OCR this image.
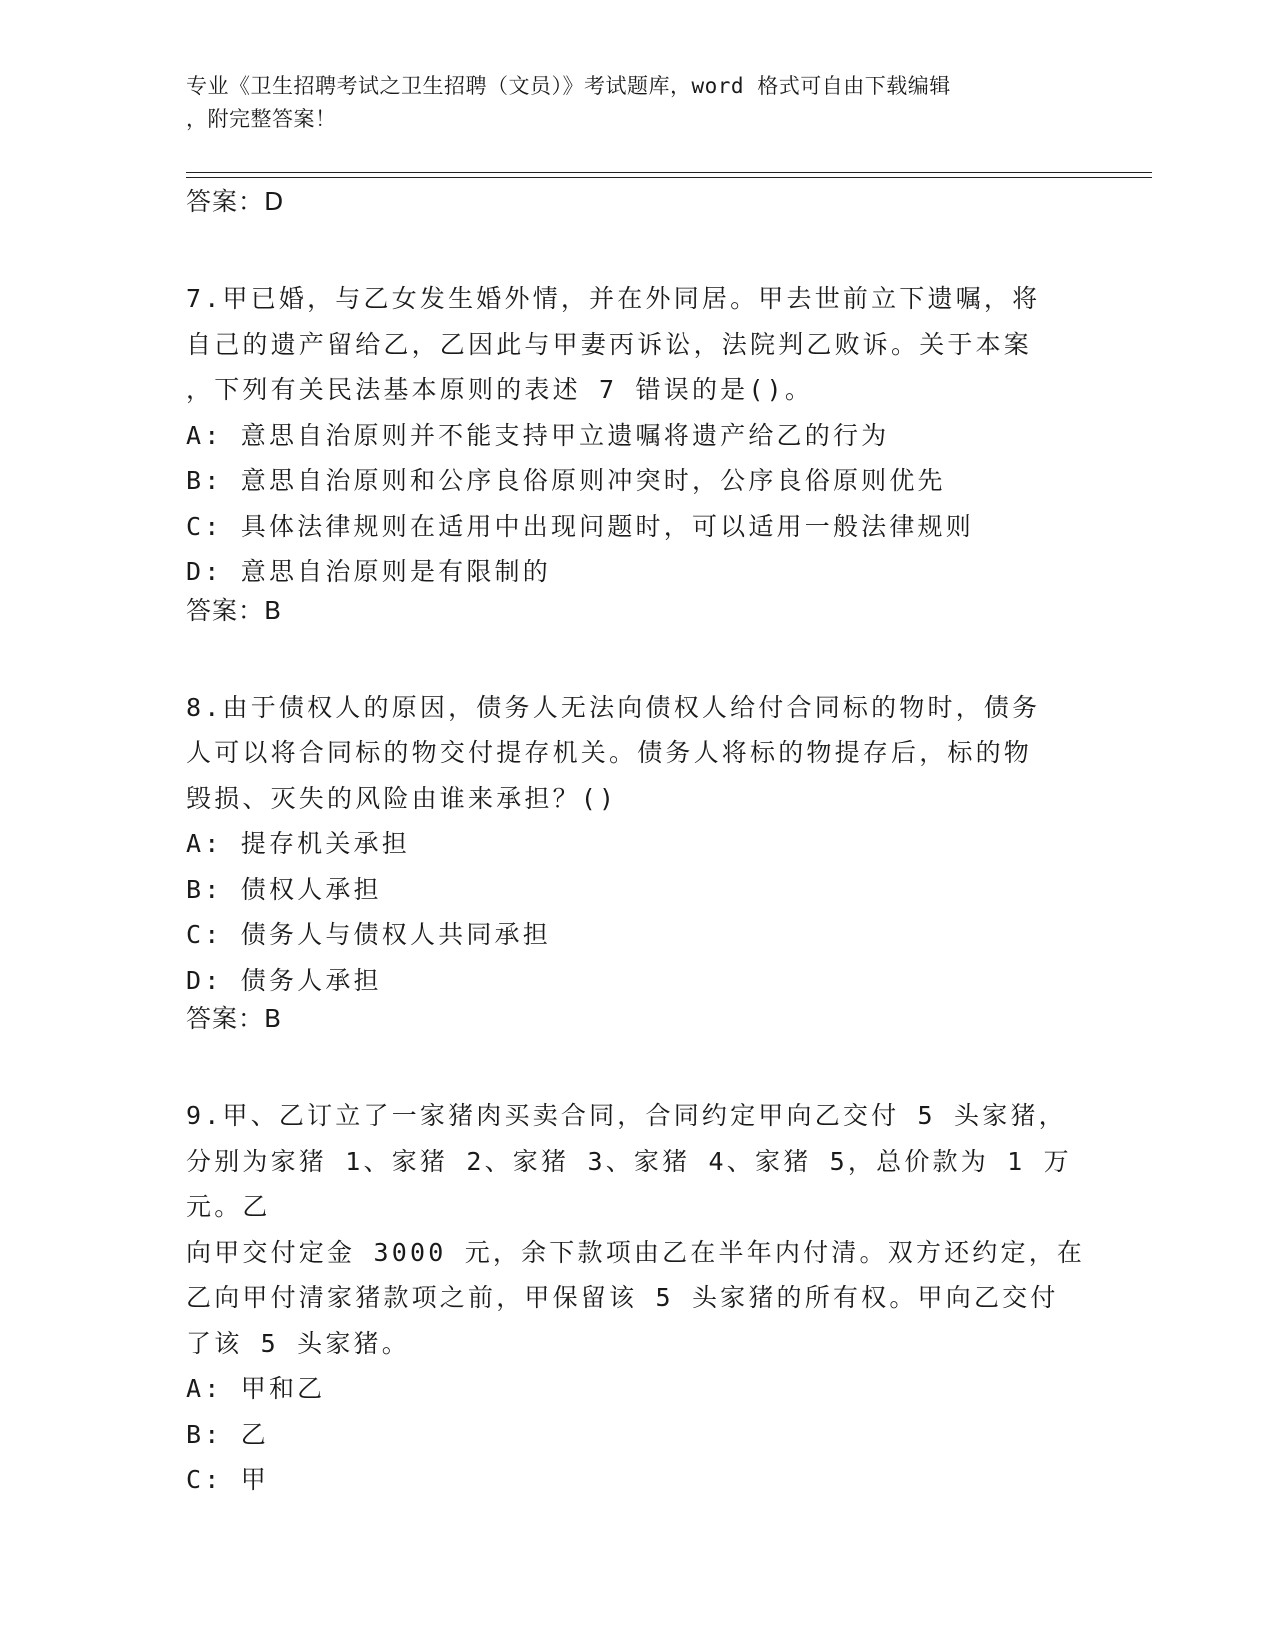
专业《卫生招聘考试之卫生招聘（文员）》考试题库，word 格式可自由下载编辑
，附完整答案！
答案：D
7.甲已婚，与乙女发生婚外情，并在外同居。甲去世前立下遗嘱，将
自己的遗产留给乙，乙因此与甲妻丙诉讼，法院判乙败诉。关于本案
，下列有关民法基本原则的表述 7 错误的是()。
A: 意思自治原则并不能支持甲立遗嘱将遗产给乙的行为
B: 意思自治原则和公序良俗原则冲突时，公序良俗原则优先
C: 具体法律规则在适用中出现问题时，可以适用一般法律规则
D: 意思自治原则是有限制的
答案：B
8.由于债权人的原因，债务人无法向债权人给付合同标的物时，债务
人可以将合同标的物交付提存机关。债务人将标的物提存后，标的物
毁损、灭失的风险由谁来承担？()
A: 提存机关承担
B: 债权人承担
C: 债务人与债权人共同承担
D: 债务人承担
答案：B
9.甲、乙订立了一家猪肉买卖合同，合同约定甲向乙交付 5 头家猪，
分别为家猪 1、家猪 2、家猪 3、家猪 4、家猪 5，总价款为 1 万元。乙
向甲交付定金 3000 元，余下款项由乙在半年内付清。双方还约定，在
乙向甲付清家猪款项之前，甲保留该 5 头家猪的所有权。甲向乙交付
了该 5 头家猪。
A: 甲和乙
B: 乙
C: 甲
